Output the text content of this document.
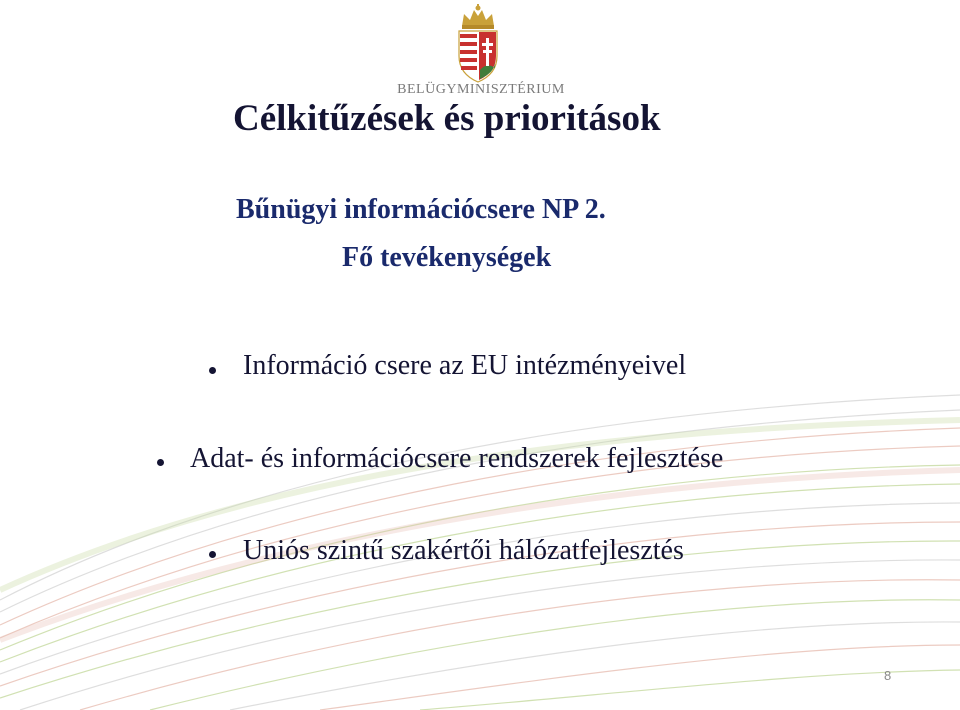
BELÜGYMINISZTÉRIUM
Célkitűzések és prioritások
Bűnügyi információcsere NP 2.
Fő tevékenységek
Információ csere az EU intézményeivel
Adat- és információcsere rendszerek fejlesztése
Uniós szintű szakértői hálózatfejlesztés
8
